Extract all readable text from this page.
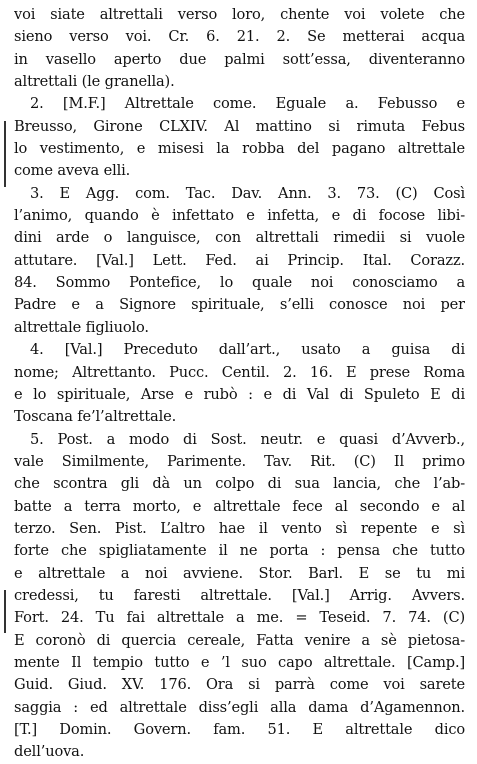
voi siate altrettali verso loro, chente voi volete che
sieno verso voi. Cr. 6. 21. 2. Se metterai acqua
in vasello aperto due palmi sott’essa, diventeranno
altrettali (le granella).
2. [M.F.] Altrettale come. Eguale a. Febusso e
Breusso, Girone CLXIV. Al mattino si rimuta Febus
lo vestimento, e misesi la robba del pagano altrettale
come aveva elli.
3. E Agg. com. Tac. Dav. Ann. 3. 73. (C) Così
l’animo, quando è infettato e infetta, e di focose libi-
dini arde o languisce, con altrettali rimedii si vuole
attutare. [Val.] Lett. Fed. ai Princip. Ital. Corazz.
84. Sommo Pontefice, lo quale noi conosciamo a
Padre e a Signore spirituale, s’elli conosce noi per
altrettale figliuolo.
4. [Val.] Preceduto dall’art., usato a guisa di
nome; Altrettanto. Pucc. Centil. 2. 16. E prese Roma
e lo spirituale, Arse e rubò : e di Val di Spuleto E di
Toscana fe’l’altrettale.
5. Post. a modo di Sost. neutr. e quasi d’Avverb.,
vale Similmente, Parimente. Tav. Rit. (C) Il primo
che scontra gli dà un colpo di sua lancia, che l’ab-
batte a terra morto, e altrettale fece al secondo e al
terzo. Sen. Pist. L’altro hae il vento sì repente e sì
forte che spigliatamente il ne porta : pensa che tutto
e altrettale a noi avviene. Stor. Barl. E se tu mi
credessi, tu faresti altrettale. [Val.] Arrig. Avvers.
Fort. 24. Tu fai altrettale a me. = Teseid. 7. 74. (C)
E coronò di quercia cereale, Fatta venire a sè pietosa-
mente Il tempio tutto e ’l suo capo altrettale. [Camp.]
Guid. Giud. XV. 176. Ora si parrà come voi sarete
saggia : ed altrettale diss’egli alla dama d’Agamennon.
[T.] Domin. Govern. fam. 51. E altrettale dico
dell’uova.
